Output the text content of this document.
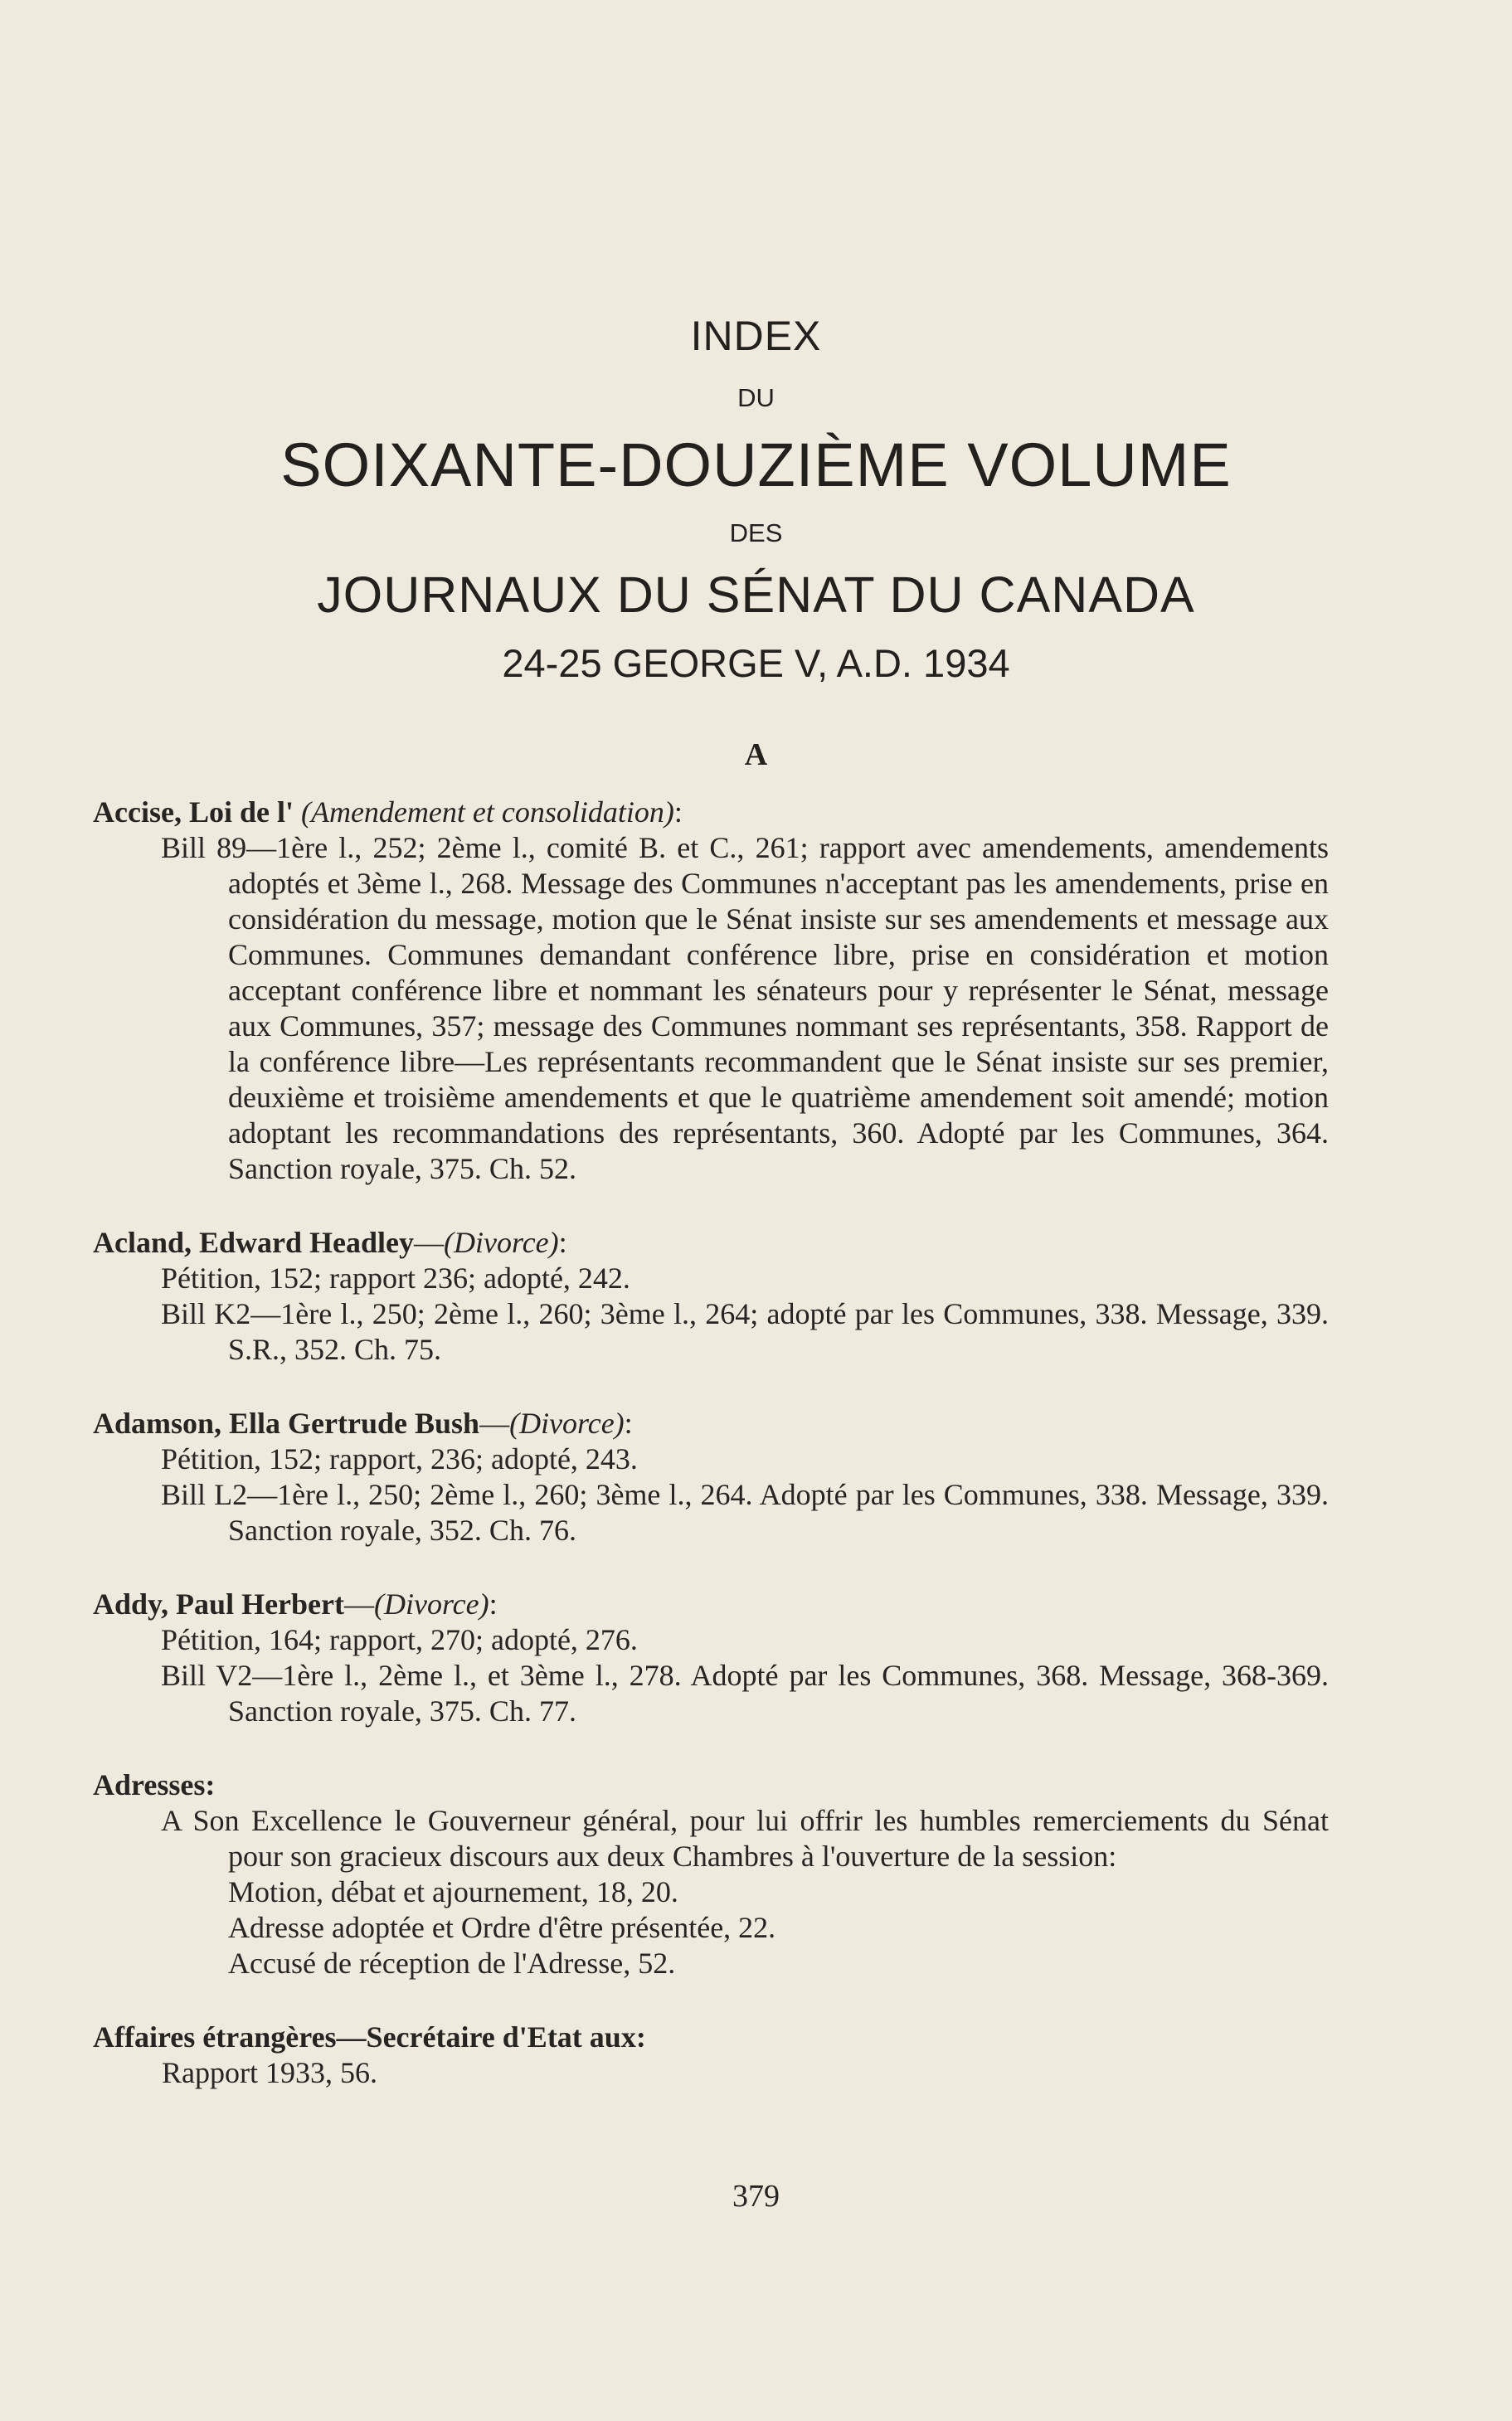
INDEX
DU
SOIXANTE-DOUZIÈME VOLUME
DES
JOURNAUX DU SÉNAT DU CANADA
24-25 GEORGE V, A.D. 1934
A

Accise, Loi de l' (Amendement et consolidation):

Bill 89—1ère l., 252; 2ème l., comité B. et C., 261; rapport avec amendements, amendements adoptés et 3ème l., 268. Message des Communes n'acceptant pas les amendements, prise en considération du message, motion que le Sénat insiste sur ses amendements et message aux Communes. Communes demandant conférence libre, prise en considération et motion acceptant conférence libre et nommant les sénateurs pour y représenter le Sénat, message aux Communes, 357; message des Communes nommant ses représentants, 358. Rapport de la conférence libre—Les représentants recommandent que le Sénat insiste sur ses premier, deuxième et troisième amendements et que le quatrième amendement soit amendé; motion adoptant les recommandations des représentants, 360. Adopté par les Communes, 364. Sanction royale, 375. Ch. 52.

Acland, Edward Headley—(Divorce):

Pétition, 152; rapport 236; adopté, 242.

Bill K2—1ère l., 250; 2ème l., 260; 3ème l., 264; adopté par les Communes, 338. Message, 339. S.R., 352. Ch. 75.

Adamson, Ella Gertrude Bush—(Divorce):

Pétition, 152; rapport, 236; adopté, 243.

Bill L2—1ère l., 250; 2ème l., 260; 3ème l., 264. Adopté par les Communes, 338. Message, 339. Sanction royale, 352. Ch. 76.

Addy, Paul Herbert—(Divorce):

Pétition, 164; rapport, 270; adopté, 276.

Bill V2—1ère l., 2ème l., et 3ème l., 278. Adopté par les Communes, 368. Message, 368-369. Sanction royale, 375. Ch. 77.

Adresses:

A Son Excellence le Gouverneur général, pour lui offrir les humbles remerciements du Sénat pour son gracieux discours aux deux Chambres à l'ouverture de la session:

Motion, débat et ajournement, 18, 20.

Adresse adoptée et Ordre d'être présentée, 22.

Accusé de réception de l'Adresse, 52.

Affaires étrangères—Secrétaire d'Etat aux:

Rapport 1933, 56.

379
